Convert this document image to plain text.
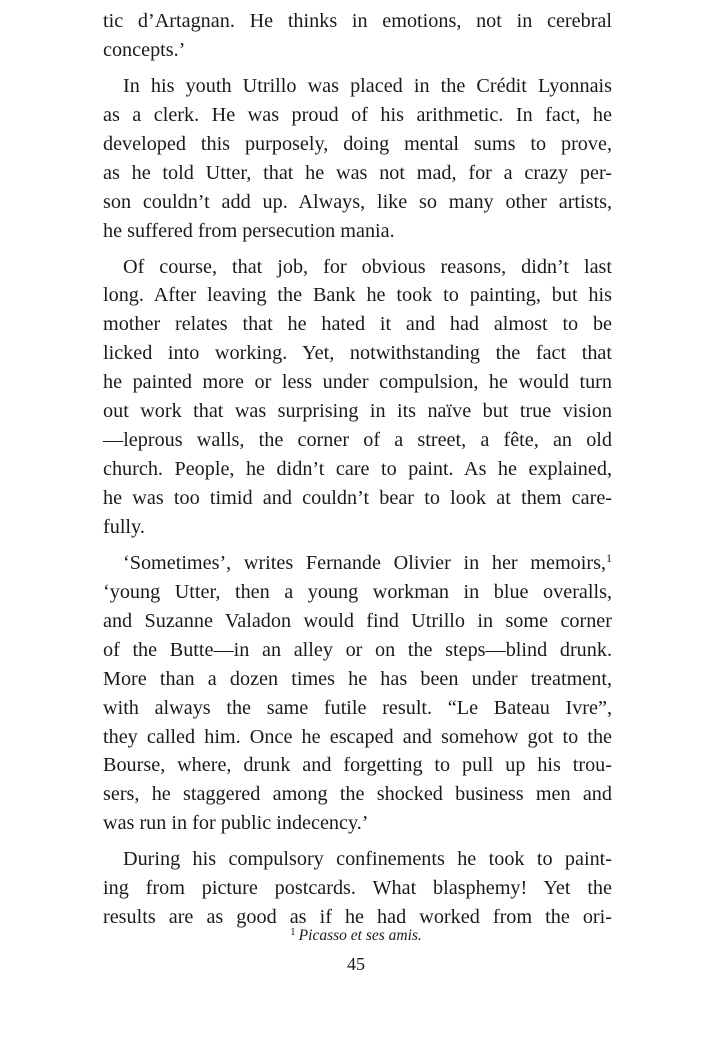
tic d’Artagnan. He thinks in emotions, not in cerebral
concepts.’
In his youth Utrillo was placed in the Crédit Lyonnais
as a clerk. He was proud of his arithmetic. In fact, he
developed this purposely, doing mental sums to prove,
as he told Utter, that he was not mad, for a crazy per-
son couldn’t add up. Always, like so many other artists,
he suffered from persecution mania.
Of course, that job, for obvious reasons, didn’t last
long. After leaving the Bank he took to painting, but his
mother relates that he hated it and had almost to be
licked into working. Yet, notwithstanding the fact that
he painted more or less under compulsion, he would turn
out work that was surprising in its naïve but true vision
—leprous walls, the corner of a street, a fête, an old
church. People, he didn’t care to paint. As he explained,
he was too timid and couldn’t bear to look at them care-
fully.
‘Sometimes’, writes Fernande Olivier in her memoirs,$^1$
‘young Utter, then a young workman in blue overalls,
and Suzanne Valadon would find Utrillo in some corner
of the Butte—in an alley or on the steps—blind drunk.
More than a dozen times he has been under treatment,
with always the same futile result. “Le Bateau Ivre”,
they called him. Once he escaped and somehow got to the
Bourse, where, drunk and forgetting to pull up his trou-
sers, he staggered among the shocked business men and
was run in for public indecency.’
During his compulsory confinements he took to paint-
ing from picture postcards. What blasphemy! Yet the
results are as good as if he had worked from the ori-
$^1$ Picasso et ses amis.
45
